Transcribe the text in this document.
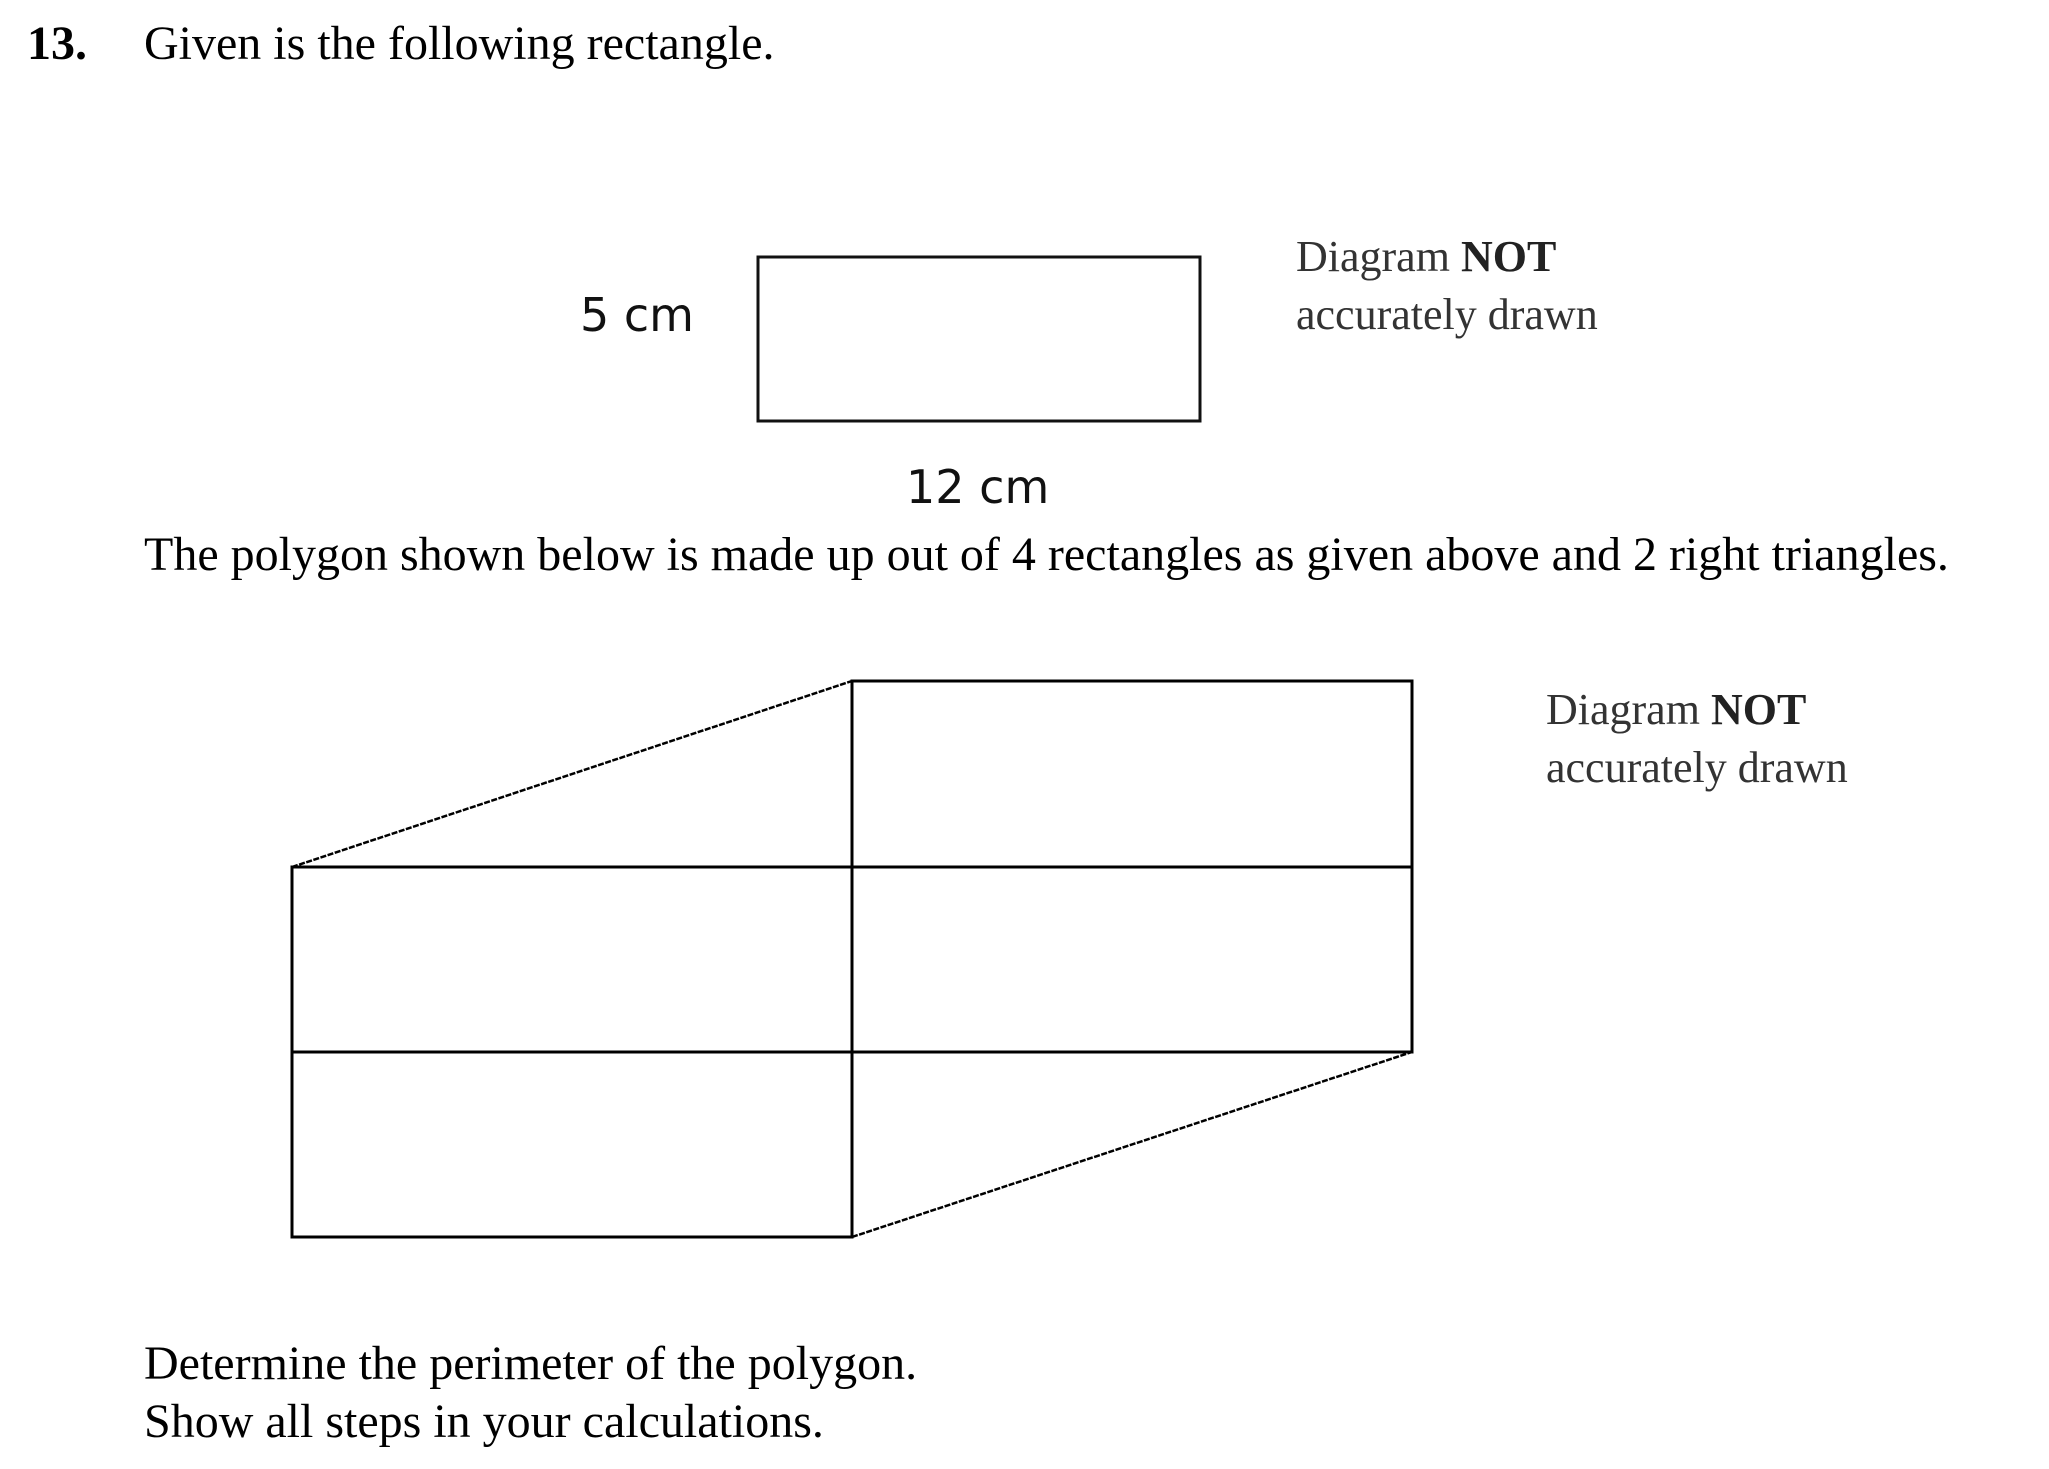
13. Given is the following rectangle.
5 cm
12 cm
Diagram NOT
accurately drawn
The polygon shown below is made up out of 4 rectangles as given above and 2 right triangles.
Diagram NOT
accurately drawn
Determine the perimeter of the polygon.
Show all steps in your calculations.
